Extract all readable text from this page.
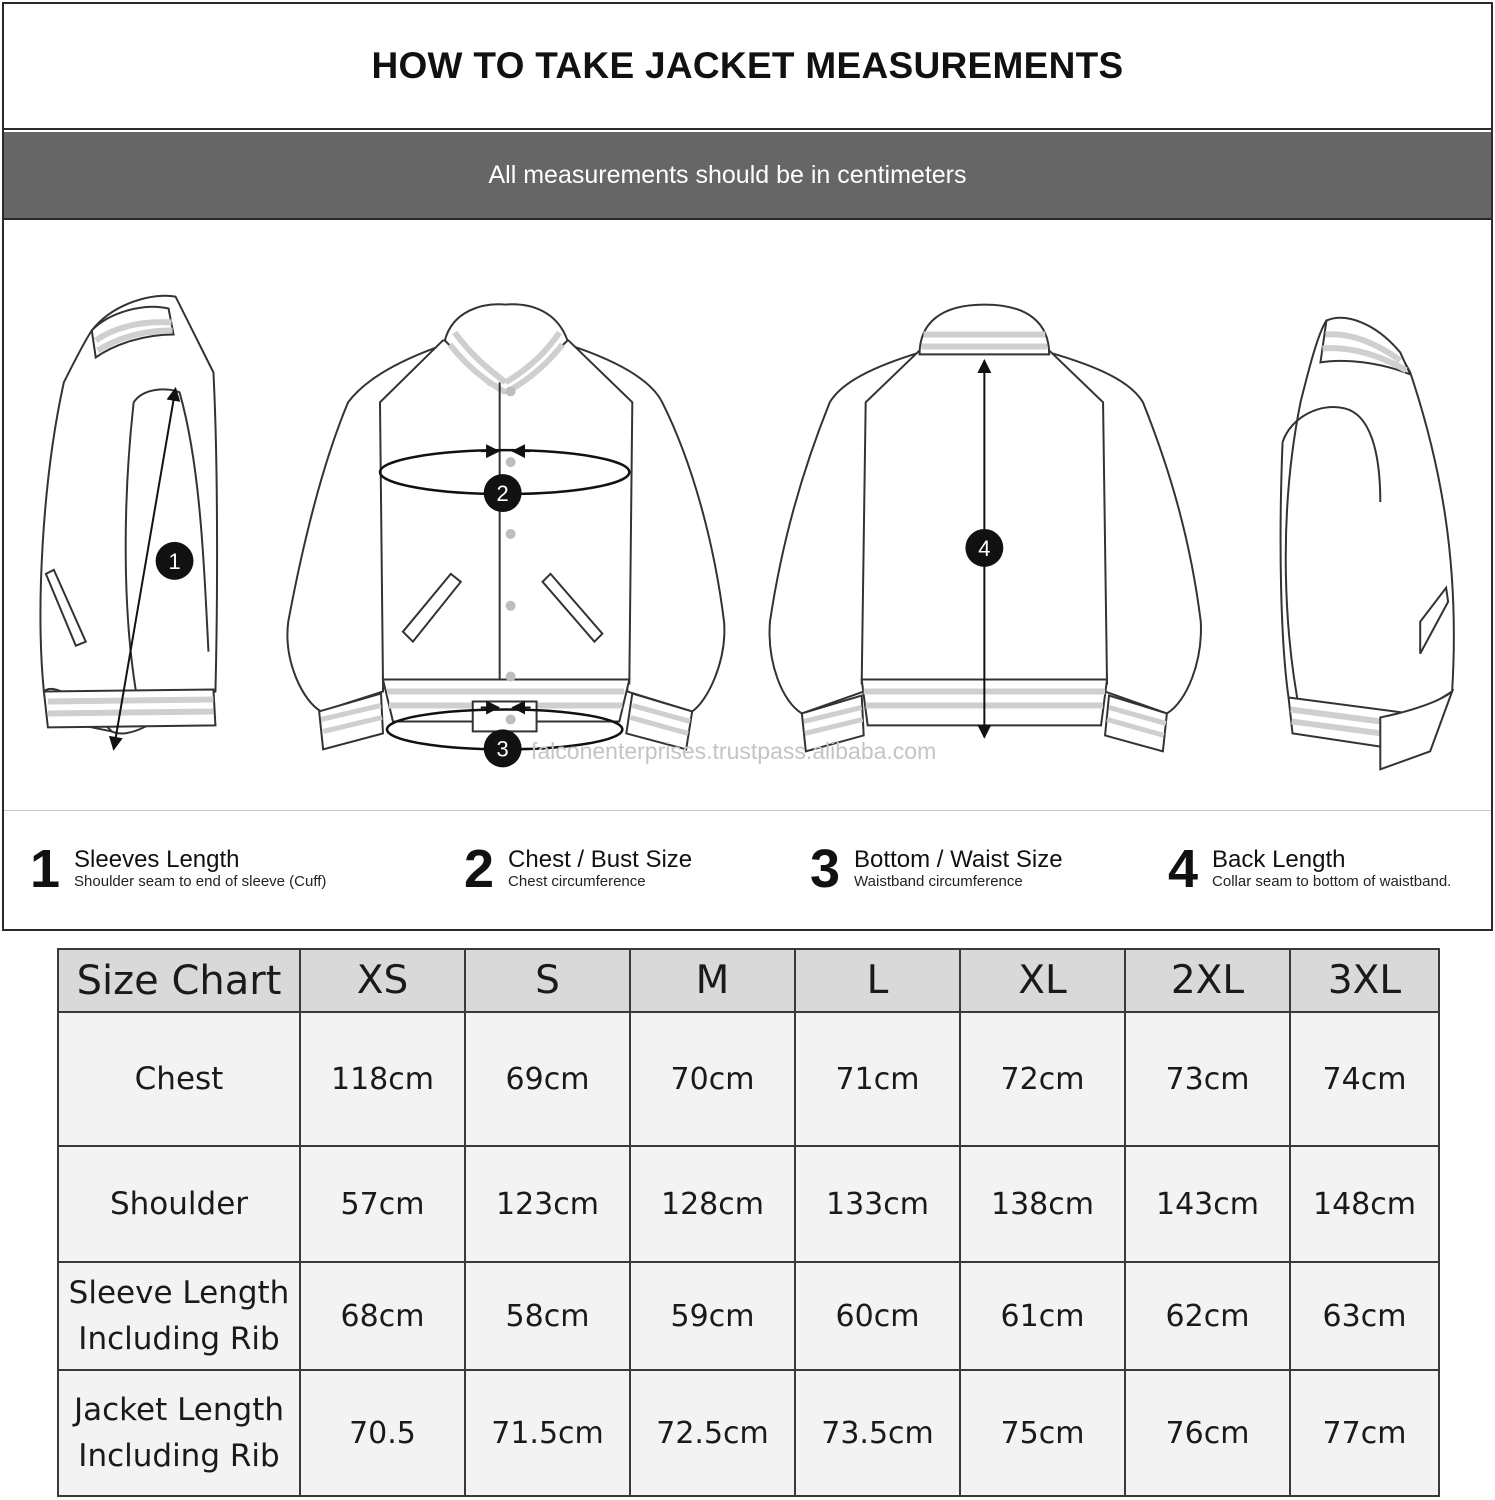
HOW TO TAKE JACKET MEASUREMENTS
All measurements should be in centimeters
1
2
3
4
falconenterprises.trustpass.alibaba.com
1 Sleeves Length
Shoulder seam to end of sleeve (Cuff)	2 Chest / Bust Size
Chest circumference	3 Bottom / Waist Size
Waistband circumference	4 Back Length
Collar seam to bottom of waistband.
Size Chart	XS	S	M	L	XL	2XL	3XL
Chest	118cm	69cm	70cm	71cm	72cm	73cm	74cm
Shoulder	57cm	123cm	128cm	133cm	138cm	143cm	148cm
Sleeve Length
Including Rib	68cm	58cm	59cm	60cm	61cm	62cm	63cm
Jacket Length
Including Rib	70.5	71.5cm	72.5cm	73.5cm	75cm	76cm	77cm
